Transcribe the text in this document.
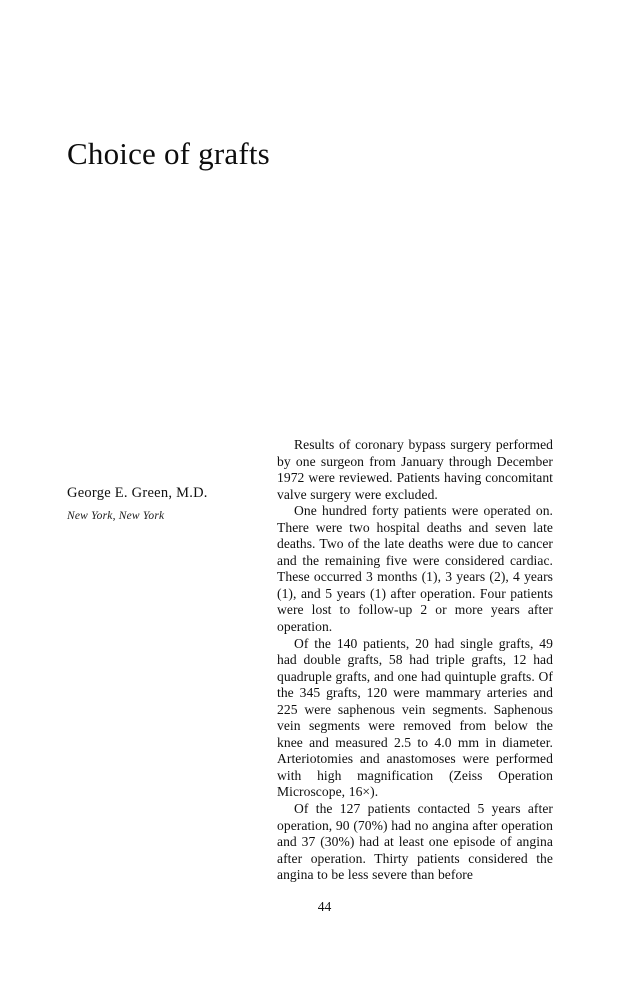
Choice of grafts
George E. Green, M.D.
New York, New York

Results of coronary bypass surgery performed by one surgeon from January through December 1972 were reviewed. Patients having concomitant valve surgery were excluded.

One hundred forty patients were operated on. There were two hospital deaths and seven late deaths. Two of the late deaths were due to cancer and the remaining five were considered cardiac. These occurred 3 months (1), 3 years (2), 4 years (1), and 5 years (1) after operation. Four patients were lost to follow-up 2 or more years after operation.

Of the 140 patients, 20 had single grafts, 49 had double grafts, 58 had triple grafts, 12 had quadruple grafts, and one had quintuple grafts. Of the 345 grafts, 120 were mammary arteries and 225 were saphenous vein segments. Saphenous vein segments were removed from below the knee and measured 2.5 to 4.0 mm in diameter. Arteriotomies and anastomoses were performed with high magnification (Zeiss Operation Microscope, 16×).

Of the 127 patients contacted 5 years after operation, 90 (70%) had no angina after operation and 37 (30%) had at least one episode of angina after operation. Thirty patients considered the angina to be less severe than before

44
